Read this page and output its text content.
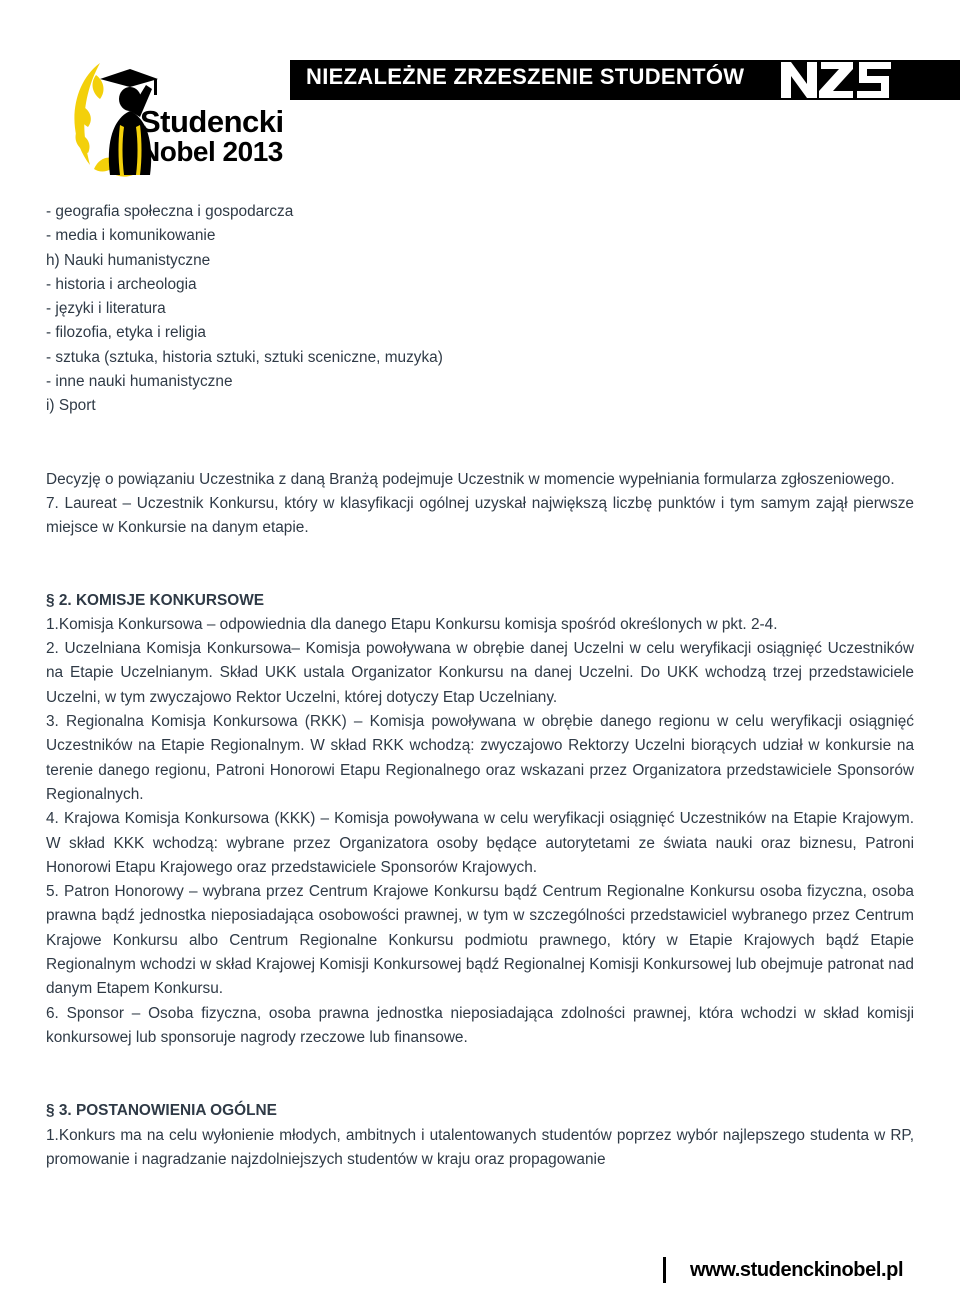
NIEZALEŻNE ZRZESZENIE STUDENTÓW
Studencki
Nobel 2013

- geografia społeczna i gospodarcza

- media i komunikowanie

h) Nauki humanistyczne

- historia i archeologia

- języki i literatura

- filozofia, etyka i religia

- sztuka (sztuka, historia sztuki, sztuki sceniczne, muzyka)

- inne nauki humanistyczne

i) Sport

Decyzję o powiązaniu Uczestnika z daną Branżą podejmuje Uczestnik w momencie wypełniania formularza zgłoszeniowego.

7. Laureat – Uczestnik Konkursu, który w klasyfikacji ogólnej uzyskał największą liczbę punktów i tym samym zajął pierwsze miejsce w Konkursie na danym etapie.

§ 2. KOMISJE KONKURSOWE

1.Komisja Konkursowa – odpowiednia dla danego Etapu Konkursu komisja spośród określonych w pkt. 2-4.

2. Uczelniana Komisja Konkursowa– Komisja powoływana w obrębie danej Uczelni w celu weryfikacji osiągnięć Uczestników na Etapie Uczelnianym. Skład UKK ustala Organizator Konkursu na danej Uczelni. Do UKK wchodzą trzej przedstawiciele Uczelni, w tym zwyczajowo Rektor Uczelni, której dotyczy Etap Uczelniany.

3. Regionalna Komisja Konkursowa (RKK) – Komisja powoływana w obrębie danego regionu w celu weryfikacji osiągnięć Uczestników na Etapie Regionalnym. W skład RKK wchodzą: zwyczajowo Rektorzy Uczelni biorących udział w konkursie na terenie danego regionu, Patroni Honorowi Etapu Regionalnego oraz wskazani przez Organizatora przedstawiciele Sponsorów Regionalnych.

4. Krajowa Komisja Konkursowa (KKK) – Komisja powoływana w celu weryfikacji osiągnięć Uczestników na Etapie Krajowym. W skład KKK wchodzą: wybrane przez Organizatora osoby będące autorytetami ze świata nauki oraz biznesu, Patroni Honorowi Etapu Krajowego oraz przedstawiciele Sponsorów Krajowych.

5. Patron Honorowy – wybrana przez Centrum Krajowe Konkursu bądź Centrum Regionalne Konkursu osoba fizyczna, osoba prawna bądź jednostka nieposiadająca osobowości prawnej, w tym w szczególności przedstawiciel wybranego przez Centrum Krajowe Konkursu albo Centrum Regionalne Konkursu podmiotu prawnego, który w Etapie Krajowych bądź Etapie Regionalnym wchodzi w skład Krajowej Komisji Konkursowej bądź Regionalnej Komisji Konkursowej lub obejmuje patronat nad danym Etapem Konkursu.

6. Sponsor – Osoba fizyczna, osoba prawna jednostka nieposiadająca zdolności prawnej, która wchodzi w skład komisji konkursowej lub sponsoruje nagrody rzeczowe lub finansowe.

§ 3. POSTANOWIENIA OGÓLNE

1.Konkurs ma na celu wyłonienie młodych, ambitnych i utalentowanych studentów poprzez wybór najlepszego studenta w RP, promowanie i nagradzanie najzdolniejszych studentów w kraju oraz propagowanie

www.studenckinobel.pl
